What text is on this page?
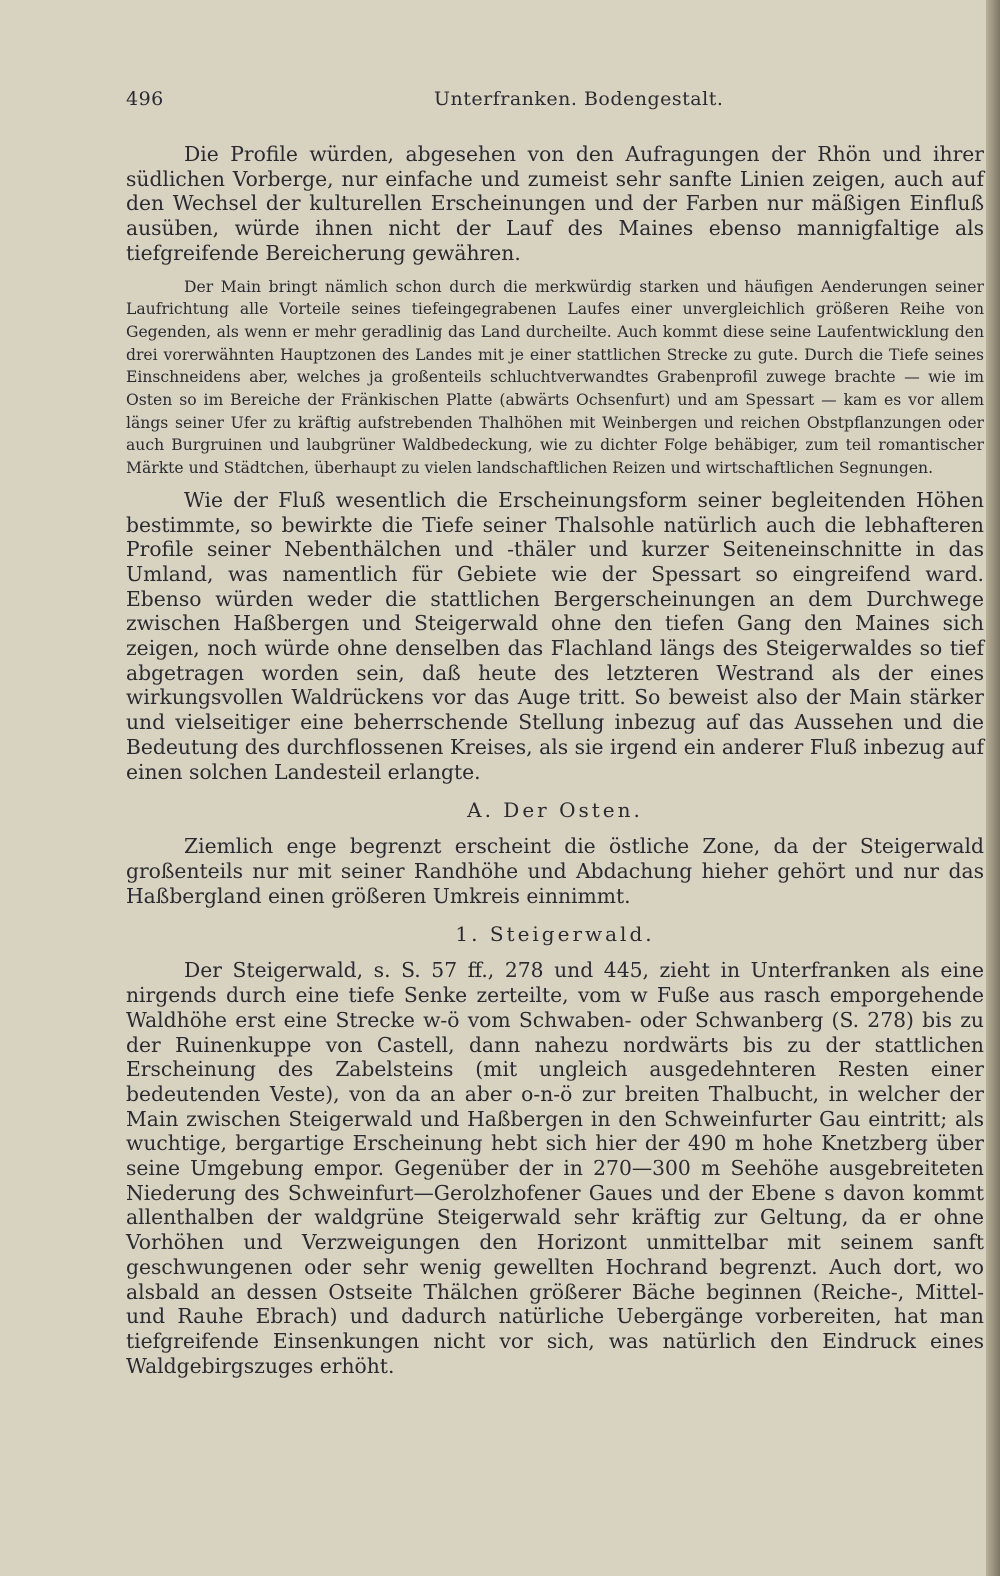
496	Unterfranken. Bodengestalt.

Die Profile würden, abgesehen von den Aufragungen der Rhön und ihrer südlichen Vorberge, nur einfache und zumeist sehr sanfte Linien zeigen, auch auf den Wechsel der kulturellen Erscheinungen und der Farben nur mäßigen Einfluß ausüben, würde ihnen nicht der Lauf des Maines ebenso mannigfaltige als tiefgreifende Bereicherung gewähren.

Der Main bringt nämlich schon durch die merkwürdig starken und häufigen Aenderungen seiner Laufrichtung alle Vorteile seines tiefeingegrabenen Laufes einer unvergleichlich größeren Reihe von Gegenden, als wenn er mehr geradlinig das Land durcheilte. Auch kommt diese seine Laufentwicklung den drei vorerwähnten Hauptzonen des Landes mit je einer stattlichen Strecke zu gute. Durch die Tiefe seines Einschneidens aber, welches ja großenteils schluchtverwandtes Grabenprofil zuwege brachte — wie im Osten so im Bereiche der Fränkischen Platte (abwärts Ochsenfurt) und am Spessart — kam es vor allem längs seiner Ufer zu kräftig aufstrebenden Thalhöhen mit Weinbergen und reichen Obstpflanzungen oder auch Burgruinen und laubgrüner Waldbedeckung, wie zu dichter Folge behäbiger, zum teil romantischer Märkte und Städtchen, überhaupt zu vielen landschaftlichen Reizen und wirtschaftlichen Segnungen.

Wie der Fluß wesentlich die Erscheinungsform seiner begleitenden Höhen bestimmte, so bewirkte die Tiefe seiner Thalsohle natürlich auch die lebhafteren Profile seiner Nebenthälchen und -thäler und kurzer Seiteneinschnitte in das Umland, was namentlich für Gebiete wie der Spessart so eingreifend ward. Ebenso würden weder die stattlichen Bergerscheinungen an dem Durchwege zwischen Haßbergen und Steigerwald ohne den tiefen Gang den Maines sich zeigen, noch würde ohne denselben das Flachland längs des Steigerwaldes so tief abgetragen worden sein, daß heute des letzteren Westrand als der eines wirkungsvollen Waldrückens vor das Auge tritt. So beweist also der Main stärker und vielseitiger eine beherrschende Stellung inbezug auf das Aussehen und die Bedeutung des durchflossenen Kreises, als sie irgend ein anderer Fluß inbezug auf einen solchen Landesteil erlangte.

A. Der Osten.

Ziemlich enge begrenzt erscheint die östliche Zone, da der Steigerwald großenteils nur mit seiner Randhöhe und Abdachung hieher gehört und nur das Haßbergland einen größeren Umkreis einnimmt.

1. Steigerwald.

Der Steigerwald, s. S. 57 ff., 278 und 445, zieht in Unterfranken als eine nirgends durch eine tiefe Senke zerteilte, vom w Fuße aus rasch emporgehende Waldhöhe erst eine Strecke w-ö vom Schwaben- oder Schwanberg (S. 278) bis zu der Ruinenkuppe von Castell, dann nahezu nordwärts bis zu der stattlichen Erscheinung des Zabelsteins (mit ungleich ausgedehnteren Resten einer bedeutenden Veste), von da an aber o-n-ö zur breiten Thalbucht, in welcher der Main zwischen Steigerwald und Haßbergen in den Schweinfurter Gau eintritt; als wuchtige, bergartige Erscheinung hebt sich hier der 490 m hohe Knetzberg über seine Umgebung empor. Gegenüber der in 270—300 m Seehöhe ausgebreiteten Niederung des Schweinfurt—Gerolzhofener Gaues und der Ebene s davon kommt allenthalben der waldgrüne Steigerwald sehr kräftig zur Geltung, da er ohne Vorhöhen und Verzweigungen den Horizont unmittelbar mit seinem sanft geschwungenen oder sehr wenig gewellten Hochrand begrenzt. Auch dort, wo alsbald an dessen Ostseite Thälchen größerer Bäche beginnen (Reiche-, Mittel- und Rauhe Ebrach) und dadurch natürliche Uebergänge vorbereiten, hat man tiefgreifende Einsenkungen nicht vor sich, was natürlich den Eindruck eines Waldgebirgszuges erhöht.
